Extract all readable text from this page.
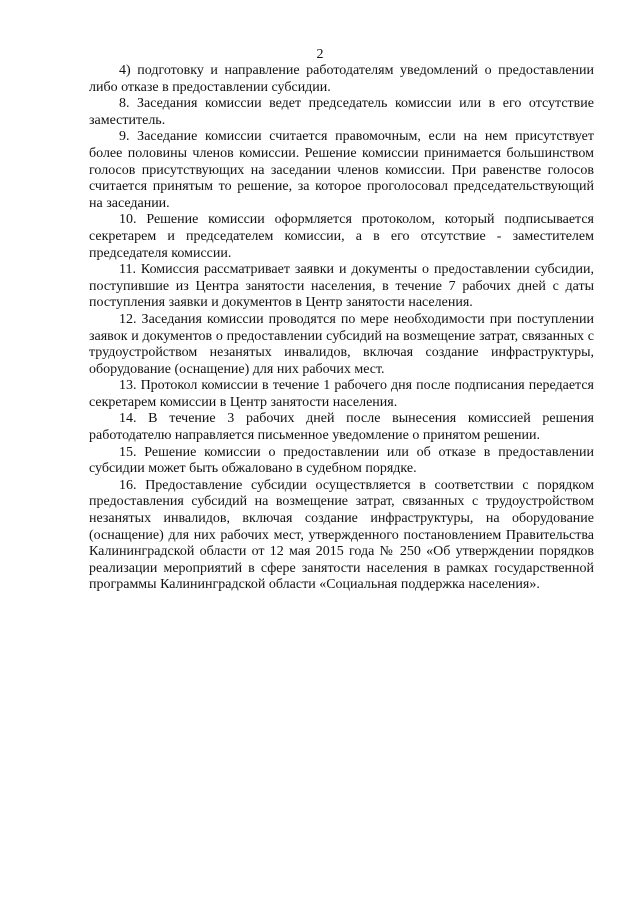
2

4) подготовку и направление работодателям уведомлений о предоставлении либо отказе в предоставлении субсидии.

8. Заседания комиссии ведет председатель комиссии или в его отсутствие заместитель.

9. Заседание комиссии считается правомочным, если на нем присутствует более половины членов комиссии. Решение комиссии принимается большинством голосов присутствующих на заседании членов комиссии. При равенстве голосов считается принятым то решение, за которое проголосовал председательствующий на заседании.

10. Решение комиссии оформляется протоколом, который подписывается секретарем и председателем комиссии, а в его отсутствие - заместителем председателя комиссии.

11. Комиссия рассматривает заявки и документы о предоставлении субсидии, поступившие из Центра занятости населения, в течение 7 рабочих дней с даты поступления заявки и документов в Центр занятости населения.

12. Заседания комиссии проводятся по мере необходимости при поступлении заявок и документов о предоставлении субсидий на возмещение затрат, связанных с трудоустройством незанятых инвалидов, включая создание инфраструктуры, оборудование (оснащение) для них рабочих мест.

13. Протокол комиссии в течение 1 рабочего дня после подписания передается секретарем комиссии в Центр занятости населения.

14. В течение 3 рабочих дней после вынесения комиссией решения работодателю направляется письменное уведомление о принятом решении.

15. Решение комиссии о предоставлении или об отказе в предоставлении субсидии может быть обжаловано в судебном порядке.

16. Предоставление субсидии осуществляется в соответствии с порядком предоставления субсидий на возмещение затрат, связанных с трудоустройством незанятых инвалидов, включая создание инфраструктуры, на оборудование (оснащение) для них рабочих мест, утвержденного постановлением Правительства Калининградской области от 12 мая 2015 года № 250 «Об утверждении порядков реализации мероприятий в сфере занятости населения в рамках государственной программы Калининградской области «Социальная поддержка населения».
